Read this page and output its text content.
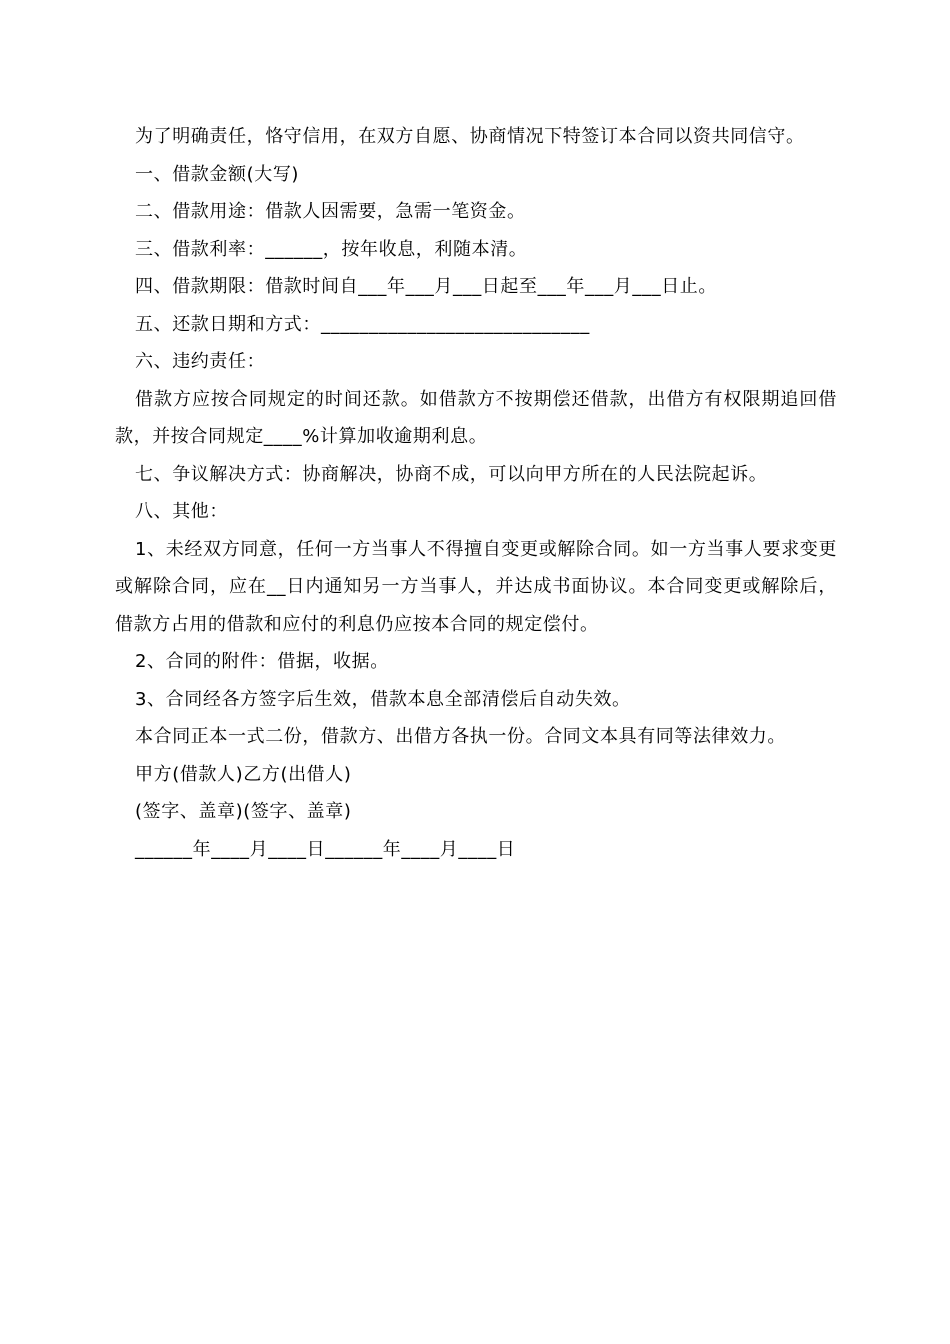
为了明确责任，恪守信用，在双方自愿、协商情况下特签订本合同以资共同信守。

一、借款金额(大写)

二、借款用途：借款人因需要，急需一笔资金。

三、借款利率：______，按年收息，利随本清。

四、借款期限：借款时间自___年___月___日起至___年___月___日止。

五、还款日期和方式：____________________________

六、违约责任：

借款方应按合同规定的时间还款。如借款方不按期偿还借款，出借方有权限期追回借款，并按合同规定____%计算加收逾期利息。

七、争议解决方式：协商解决，协商不成，可以向甲方所在的人民法院起诉。

八、其他：

1、未经双方同意，任何一方当事人不得擅自变更或解除合同。如一方当事人要求变更或解除合同，应在__日内通知另一方当事人，并达成书面协议。本合同变更或解除后，借款方占用的借款和应付的利息仍应按本合同的规定偿付。

2、合同的附件：借据，收据。

3、合同经各方签字后生效，借款本息全部清偿后自动失效。

本合同正本一式二份，借款方、出借方各执一份。合同文本具有同等法律效力。

甲方(借款人)乙方(出借人)

(签字、盖章)(签字、盖章)

______年____月____日______年____月____日
